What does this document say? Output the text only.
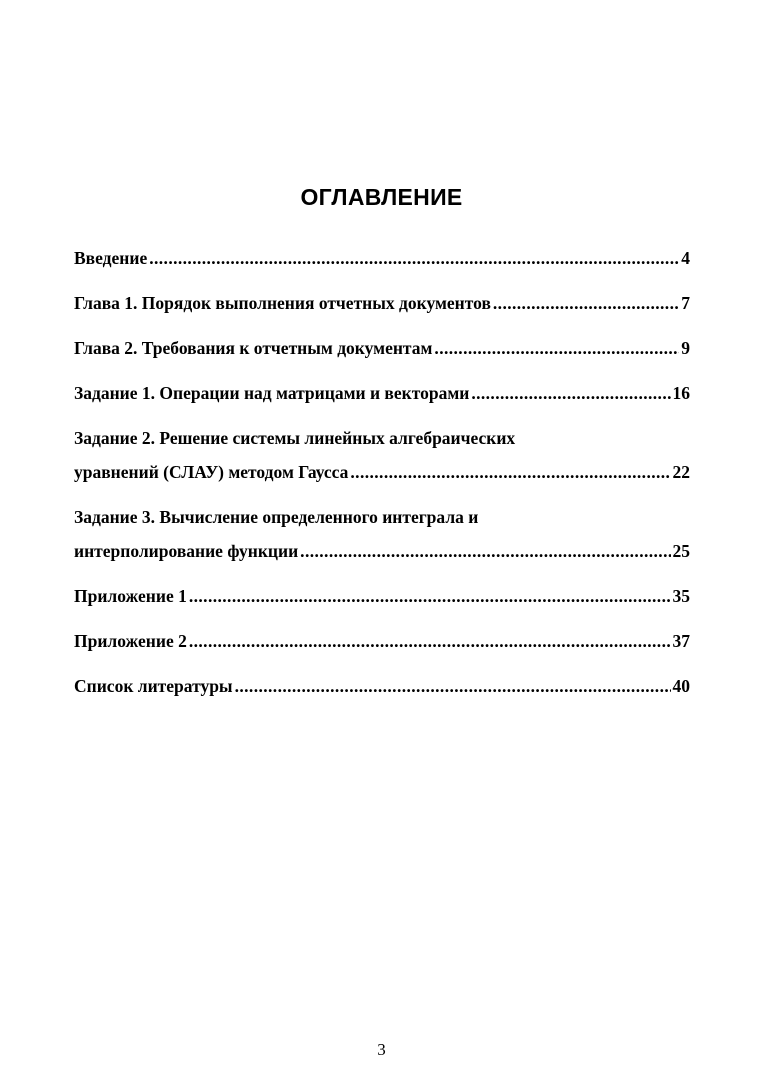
ОГЛАВЛЕНИЕ
Введение .....	4
Глава 1. Порядок выполнения отчетных документов .....	7
Глава 2. Требования к отчетным документам .....	9
Задание 1. Операции над матрицами и векторами .....	16
Задание 2. Решение системы линейных алгебраических
уравнений (СЛАУ) методом Гаусса .....	22
Задание 3. Вычисление определенного интеграла и
интерполирование функции .....	25
Приложение 1 .....	35
Приложение 2 .....	37
Список литературы .....	40
3
